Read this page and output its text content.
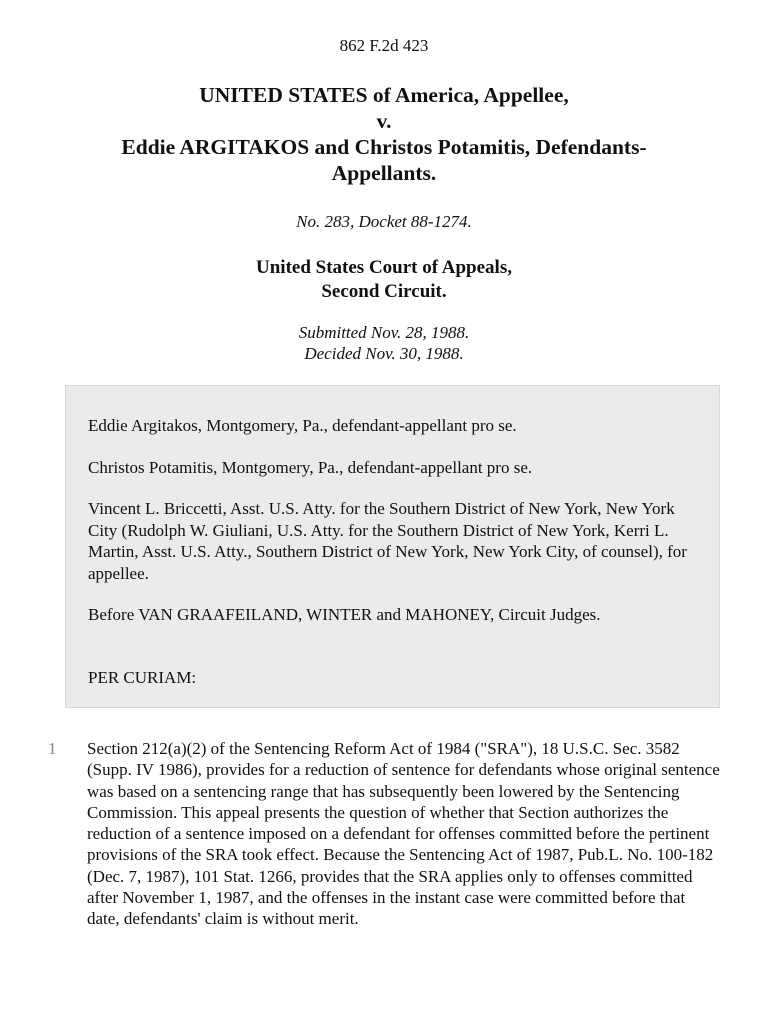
862 F.2d 423
UNITED STATES of America, Appellee,
v.
Eddie ARGITAKOS and Christos Potamitis, Defendants-
Appellants.
No. 283, Docket 88-1274.
United States Court of Appeals,
Second Circuit.
Submitted Nov. 28, 1988.
Decided Nov. 30, 1988.

Eddie Argitakos, Montgomery, Pa., defendant-appellant pro se.

Christos Potamitis, Montgomery, Pa., defendant-appellant pro se.

Vincent L. Briccetti, Asst. U.S. Atty. for the Southern District of New York, New York City (Rudolph W. Giuliani, U.S. Atty. for the Southern District of New York, Kerri L. Martin, Asst. U.S. Atty., Southern District of New York, New York City, of counsel), for appellee.

Before VAN GRAAFEILAND, WINTER and MAHONEY, Circuit Judges.

PER CURIAM:

1 Section 212(a)(2) of the Sentencing Reform Act of 1984 ("SRA"), 18 U.S.C. Sec. 3582 (Supp. IV 1986), provides for a reduction of sentence for defendants whose original sentence was based on a sentencing range that has subsequently been lowered by the Sentencing Commission. This appeal presents the question of whether that Section authorizes the reduction of a sentence imposed on a defendant for offenses committed before the pertinent provisions of the SRA took effect. Because the Sentencing Act of 1987, Pub.L. No. 100-182 (Dec. 7, 1987), 101 Stat. 1266, provides that the SRA applies only to offenses committed after November 1, 1987, and the offenses in the instant case were committed before that date, defendants' claim is without merit.
